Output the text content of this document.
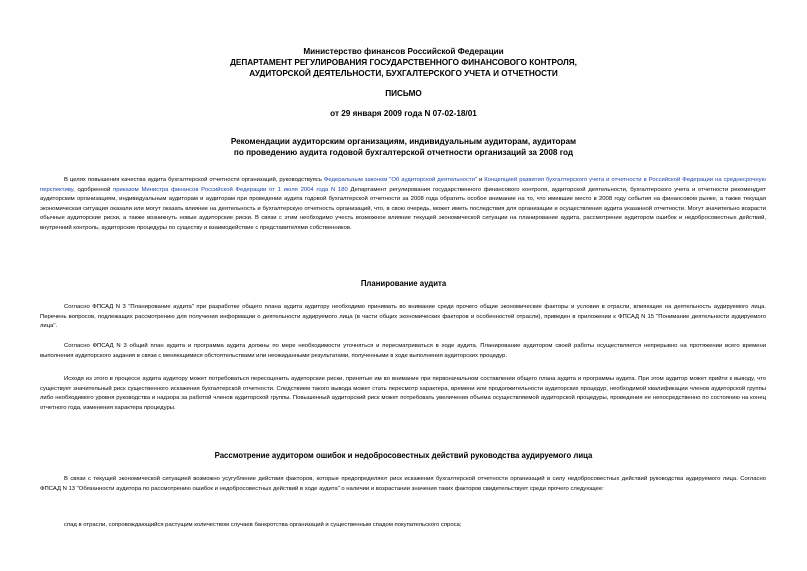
Министерство финансов Российской Федерации
ДЕПАРТАМЕНТ РЕГУЛИРОВАНИЯ ГОСУДАРСТВЕННОГО ФИНАНСОВОГО КОНТРОЛЯ,
АУДИТОРСКОЙ ДЕЯТЕЛЬНОСТИ, БУХГАЛТЕРСКОГО УЧЕТА И ОТЧЕТНОСТИ
ПИСЬМО
от 29 января 2009 года N 07-02-18/01
Рекомендации аудиторским организациям, индивидуальным аудиторам, аудиторам
по проведению аудита годовой бухгалтерской отчетности организаций за 2008 год
В целях повышения качества аудита бухгалтерской отчетности организаций, руководствуясь Федеральным законом "Об аудиторской деятельности" и Концепцией развития бухгалтерского учета и отчетности в Российской Федерации на среднесрочную перспективу, одобренной приказом Министра финансов Российской Федерации от 1 июля 2004 года N 180 Департамент регулирования государственного финансового контроля, аудиторской деятельности, бухгалтерского учета и отчетности рекомендует аудиторским организациям, индивидуальным аудиторам и аудиторам при проведении аудита годовой бухгалтерской отчетности за 2008 года обратить особое внимание на то, что имевшие место в 2008 году события на финансовом рынке, а также текущая экономическая ситуация оказали или могут оказать влияние на деятельность и бухгалтерскую отчетность организаций, что, в свою очередь, может иметь последствия для организации и осуществления аудита указанной отчетности. Могут значительно возрасти обычные аудиторские риски, а также возникнуть новые аудиторские риски. В связи с этим необходимо учесть возможное влияние текущей экономической ситуации на планирование аудита, рассмотрение аудитором ошибок и недобросовестных действий, внутренний контроль, аудиторские процедуры по существу и взаимодействие с представителями собственников.
Планирование аудита
Согласно ФПСАД N 3 "Планирование аудита" при разработке общего плана аудита аудитору необходимо принимать во внимание среди прочего общие экономические факторы и условия в отрасли, влияющие на деятельность аудируемого лица. Перечень вопросов, подлежащих рассмотрению для получения информации о деятельности аудируемого лица (в части общих экономических факторов и особенностей отрасли), приведен в приложении к ФПСАД N 15 "Понимание деятельности аудируемого лица".
Согласно ФПСАД N 3 общий план аудита и программа аудита должны по мере необходимости уточняться и пересматриваться в ходе аудита. Планирование аудитором своей работы осуществляется непрерывно на протяжении всего времени выполнения аудиторского задания в связи с меняющимися обстоятельствами или неожиданными результатами, полученными в ходе выполнения аудиторских процедур.
Исходя из этого в процессе аудита аудитору может потребоваться пересоценить аудиторские риски, принятые им во внимание при первоначальном составлении общего плана аудита и программы аудита. При этом аудитор может прийти к выводу, что существует значительный риск существенного искажения бухгалтерской отчетности. Следствием такого вывода может стать пересмотр характера, времени или продолжительности аудиторских процедур, необходимой квалификации членов аудиторской группы либо необходимого уровня руководства и надзора за работой членов аудиторской группы. Повышенный аудиторский риск может потребовать увеличения объема осуществляемой аудиторской процедуры, проведения ее непосредственно по состоянию на конец отчетного года, изменения характера процедуры.
Рассмотрение аудитором ошибок и недобросовестных действий руководства аудируемого лица
В связи с текущей экономической ситуацией возможно усугубление действия факторов, которые предопределяют риск искажения бухгалтерской отчетности организаций в силу недобросовестных действий руководства аудируемого лица. Согласно ФПСАД N 13 "Обязанности аудитора по рассмотрению ошибок и недобросовестных действий в ходе аудита" о наличии и возрастании значения таких факторов свидетельствует среди прочего следующее:
спад в отрасли, сопровождающийся растущим количеством случаев банкротства организаций и существенным спадом покупательского спроса;
